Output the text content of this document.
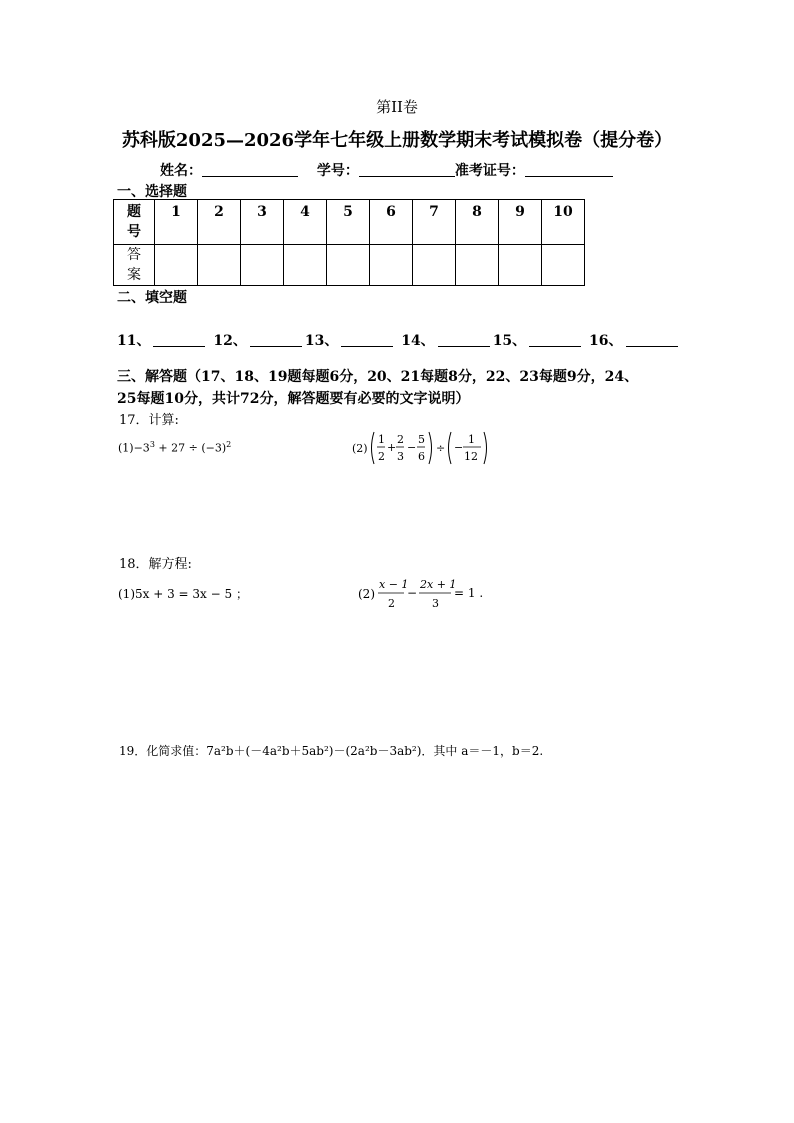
第II卷
苏科版2025—2026学年七年级上册数学期末考试模拟卷（提分卷）
姓名：	学号：	准考证号：
一、选择题
题
号	1	2	3	4	5	6	7	8	9	10
答
案										
二、填空题
11、	12、	13、	14、	15、	16、
三、解答题（17、18、19题每题6分，20、21每题8分，22、23每题9分，24、
25每题10分，共计72分，解答题要有必要的文字说明）
17．计算:
$(1)-3^3 + 27 \div (-3)^2$	(2)
1
2
+
2
3
−
5
6
÷ −
1
12
18．解方程:
(1)5x + 3 = 3x − 5 ；	(2)
x − 1
2
−
2x + 1
3
= 1 .
19．化简求值：7a²b＋(－4a²b＋5ab²)－(2a²b－3ab²)．其中 a＝－1，b＝2.
